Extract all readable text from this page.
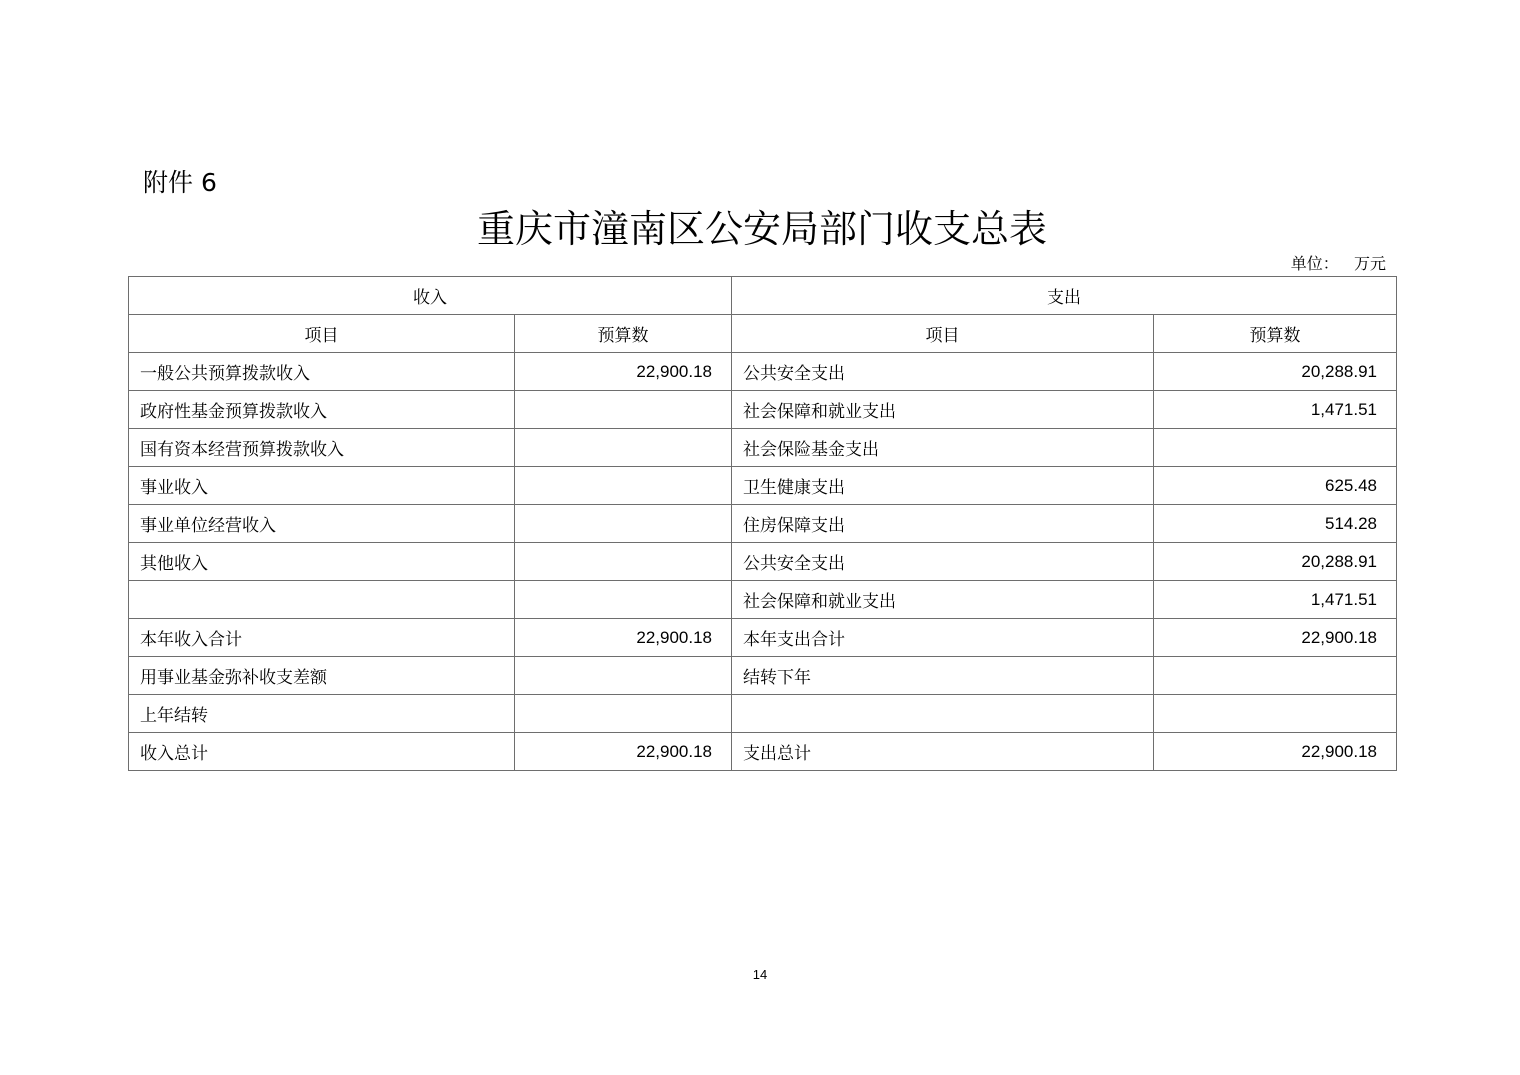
附件 6
重庆市潼南区公安局部门收支总表
单位：   万元
收入		支出	
项目	预算数	项目	预算数
一般公共预算拨款收入	22,900.18	公共安全支出	20,288.91
政府性基金预算拨款收入		社会保障和就业支出	1,471.51
国有资本经营预算拨款收入		社会保险基金支出	
事业收入		卫生健康支出	625.48
事业单位经营收入		住房保障支出	514.28
其他收入		公共安全支出	20,288.91
		社会保障和就业支出	1,471.51
本年收入合计	22,900.18	本年支出合计	22,900.18
用事业基金弥补收支差额		结转下年	
上年结转			
收入总计	22,900.18	支出总计	22,900.18
14
